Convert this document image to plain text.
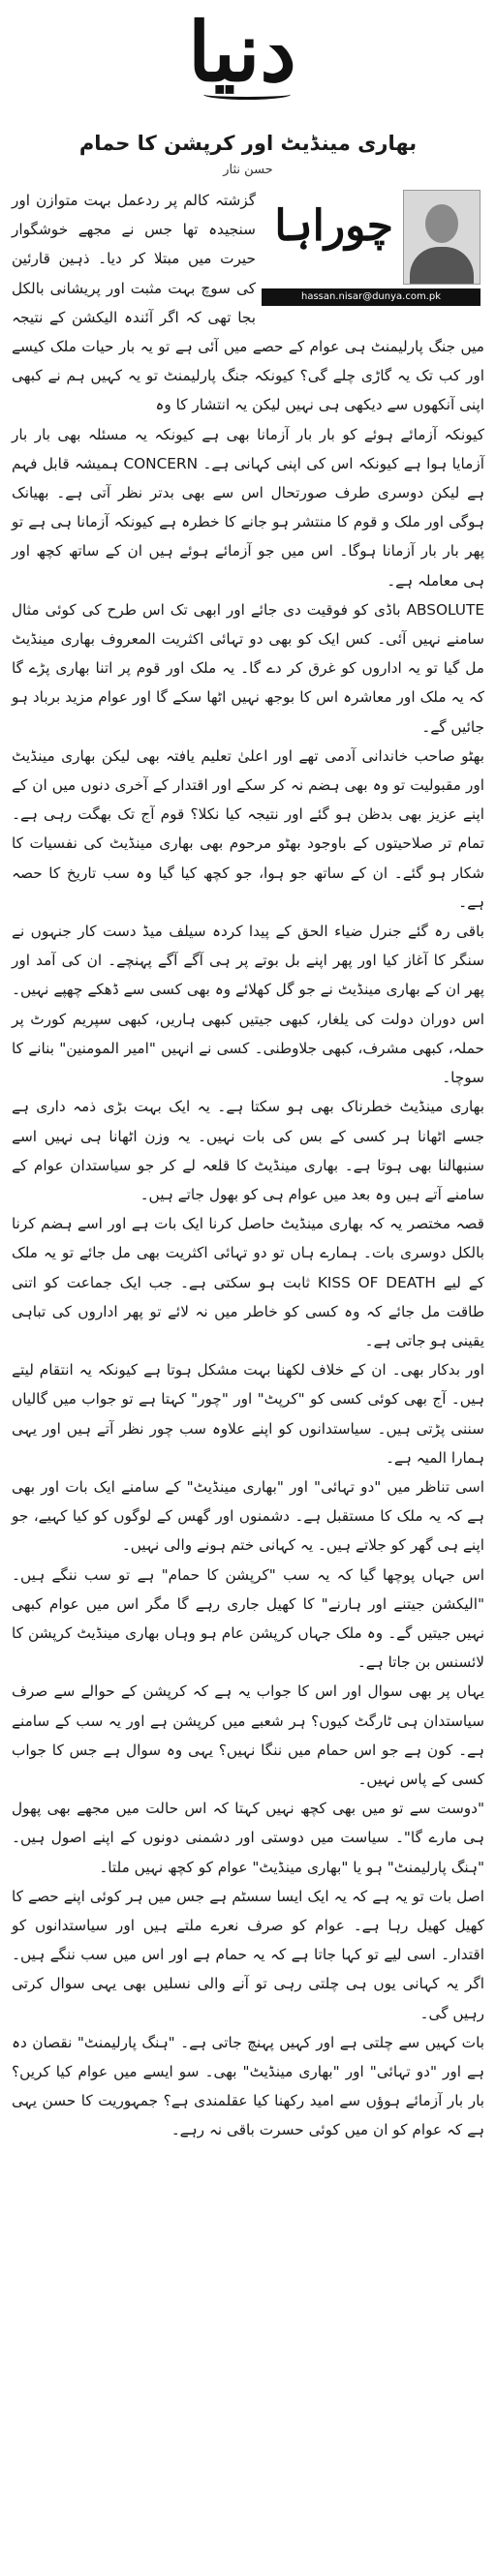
دنیا
بھاری مینڈیٹ اور کرپشن کا حمام
حسن نثار
چوراہا
hassan.nisar@dunya.com.pk

گزشتہ کالم پر ردعمل بہت متوازن اور سنجیدہ تھا جس نے مجھے خوشگوار حیرت میں مبتلا کر دیا۔ ذہین قارئین کی سوچ بہت مثبت اور پریشانی بالکل بجا تھی کہ اگر آئندہ الیکشن کے نتیجہ میں جنگ پارلیمنٹ ہی عوام کے حصے میں آئی ہے تو یہ بار حیات ملک کیسے اور کب تک یہ گاڑی چلے گی؟ کیونکہ جنگ پارلیمنٹ تو یہ کہیں ہم نے کبھی اپنی آنکھوں سے دیکھی ہی نہیں لیکن یہ انتشار کا وہ

کیونکہ آزمائے ہوئے کو بار بار آزمانا بھی ہے کیونکہ یہ مسئلہ بھی بار بار آزمایا ہوا ہے کیونکہ اس کی اپنی کہانی ہے۔ CONCERN ہمیشہ قابل فہم ہے لیکن دوسری طرف صورتحال اس سے بھی بدتر نظر آتی ہے۔ بھیانک ہوگی اور ملک و قوم کا منتشر ہو جانے کا خطرہ ہے کیونکہ آزمانا ہی ہے تو پھر بار بار آزمانا ہوگا۔ اس میں جو آزمائے ہوئے ہیں ان کے ساتھ کچھ اور ہی معاملہ ہے۔

ABSOLUTE باڈی کو فوقیت دی جائے اور ابھی تک اس طرح کی کوئی مثال سامنے نہیں آئی۔ کس ایک کو بھی دو تہائی اکثریت المعروف بھاری مینڈیٹ مل گیا تو یہ اداروں کو غرق کر دے گا۔ یہ ملک اور قوم پر اتنا بھاری پڑے گا کہ یہ ملک اور معاشرہ اس کا بوجھ نہیں اٹھا سکے گا اور عوام مزید برباد ہو جائیں گے۔

بھٹو صاحب خاندانی آدمی تھے اور اعلیٰ تعلیم یافتہ بھی لیکن بھاری مینڈیٹ اور مقبولیت تو وہ بھی ہضم نہ کر سکے اور اقتدار کے آخری دنوں میں ان کے اپنے عزیز بھی بدظن ہو گئے اور نتیجہ کیا نکلا؟ قوم آج تک بھگت رہی ہے۔ تمام تر صلاحیتوں کے باوجود بھٹو مرحوم بھی بھاری مینڈیٹ کی نفسیات کا شکار ہو گئے۔ ان کے ساتھ جو ہوا، جو کچھ کیا گیا وہ سب تاریخ کا حصہ ہے۔

باقی رہ گئے جنرل ضیاء الحق کے پیدا کردہ سیلف میڈ دست کار جنہوں نے سنگر کا آغاز کیا اور پھر اپنے بل بوتے پر ہی آگے آگے پہنچے۔ ان کی آمد اور پھر ان کے بھاری مینڈیٹ نے جو گل کھلائے وہ بھی کسی سے ڈھکے چھپے نہیں۔ اس دوران دولت کی یلغار، کبھی جیتیں کبھی ہاریں، کبھی سپریم کورٹ پر حملہ، کبھی مشرف، کبھی جلاوطنی۔ کسی نے انہیں "امیر المومنین" بنانے کا سوچا۔

بھاری مینڈیٹ خطرناک بھی ہو سکتا ہے۔ یہ ایک بہت بڑی ذمہ داری ہے جسے اٹھانا ہر کسی کے بس کی بات نہیں۔ یہ وزن اٹھانا ہی نہیں اسے سنبھالنا بھی ہوتا ہے۔ بھاری مینڈیٹ کا قلعہ لے کر جو سیاستدان عوام کے سامنے آتے ہیں وہ بعد میں عوام ہی کو بھول جاتے ہیں۔

قصہ مختصر یہ کہ بھاری مینڈیٹ حاصل کرنا ایک بات ہے اور اسے ہضم کرنا بالکل دوسری بات۔ ہمارے ہاں تو دو تہائی اکثریت بھی مل جائے تو یہ ملک کے لیے KISS OF DEATH ثابت ہو سکتی ہے۔ جب ایک جماعت کو اتنی طاقت مل جائے کہ وہ کسی کو خاطر میں نہ لائے تو پھر اداروں کی تباہی یقینی ہو جاتی ہے۔

اور بدکار بھی۔ ان کے خلاف لکھنا بہت مشکل ہوتا ہے کیونکہ یہ انتقام لیتے ہیں۔ آج بھی کوئی کسی کو "کرپٹ" اور "چور" کہتا ہے تو جواب میں گالیاں سننی پڑتی ہیں۔ سیاستدانوں کو اپنے علاوہ سب چور نظر آتے ہیں اور یہی ہمارا المیہ ہے۔

اسی تناظر میں "دو تہائی" اور "بھاری مینڈیٹ" کے سامنے ایک بات اور بھی ہے کہ یہ ملک کا مستقبل ہے۔ دشمنوں اور گھس کے لوگوں کو کیا کہیے، جو اپنے ہی گھر کو جلاتے ہیں۔ یہ کہانی ختم ہونے والی نہیں۔

اس جہاں پوچھا گیا کہ یہ سب "کرپشن کا حمام" ہے تو سب ننگے ہیں۔ "الیکشن جیتنے اور ہارنے" کا کھیل جاری رہے گا مگر اس میں عوام کبھی نہیں جیتیں گے۔ وہ ملک جہاں کرپشن عام ہو وہاں بھاری مینڈیٹ کرپشن کا لائسنس بن جاتا ہے۔

یہاں پر بھی سوال اور اس کا جواب یہ ہے کہ کرپشن کے حوالے سے صرف سیاستدان ہی ٹارگٹ کیوں؟ ہر شعبے میں کرپشن ہے اور یہ سب کے سامنے ہے۔ کون ہے جو اس حمام میں ننگا نہیں؟ یہی وہ سوال ہے جس کا جواب کسی کے پاس نہیں۔

"دوست سے تو میں بھی کچھ نہیں کہتا کہ اس حالت میں مجھے بھی پھول ہی مارے گا"۔ سیاست میں دوستی اور دشمنی دونوں کے اپنے اصول ہیں۔ "ہنگ پارلیمنٹ" ہو یا "بھاری مینڈیٹ" عوام کو کچھ نہیں ملتا۔

اصل بات تو یہ ہے کہ یہ ایک ایسا سسٹم ہے جس میں ہر کوئی اپنے حصے کا کھیل کھیل رہا ہے۔ عوام کو صرف نعرے ملتے ہیں اور سیاستدانوں کو اقتدار۔ اسی لیے تو کہا جاتا ہے کہ یہ حمام ہے اور اس میں سب ننگے ہیں۔ اگر یہ کہانی یوں ہی چلتی رہی تو آنے والی نسلیں بھی یہی سوال کرتی رہیں گی۔

بات کہیں سے چلتی ہے اور کہیں پہنچ جاتی ہے۔ "ہنگ پارلیمنٹ" نقصان دہ ہے اور "دو تہائی" اور "بھاری مینڈیٹ" بھی۔ سو ایسے میں عوام کیا کریں؟ بار بار آزمائے ہوؤں سے امید رکھنا کیا عقلمندی ہے؟ جمہوریت کا حسن یہی ہے کہ عوام کو ان میں کوئی حسرت باقی نہ رہے۔
